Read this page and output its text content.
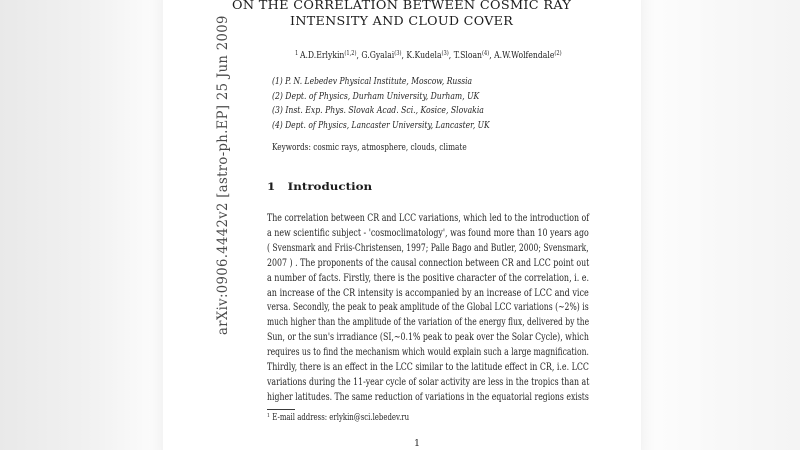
arXiv:0906.4442v2 [astro-ph.EP] 25 Jun 2009
ON THE CORRELATION BETWEEN COSMIC RAY
INTENSITY AND CLOUD COVER
$^1$ A.D.Erlykin$^{(1,2)}$, G.Gyalai$^{(3)}$, K.Kudela$^{(3)}$, T.Sloan$^{(4)}$, A.W.Wolfendale$^{(2)}$
(1) P. N. Lebedev Physical Institute, Moscow, Russia
(2) Dept. of Physics, Durham University, Durham, UK
(3) Inst. Exp. Phys. Slovak Acad. Sci., Kosice, Slovakia
(4) Dept. of Physics, Lancaster University, Lancaster, UK
Keywords: cosmic rays, atmosphere, clouds, climate
1 Introduction
The correlation between CR and LCC variations, which led to the introduction of
a new scientific subject - 'cosmoclimatology', was found more than 10 years ago
( Svensmark and Friis-Christensen, 1997; Palle Bago and Butler, 2000; Svensmark,
2007 ) . The proponents of the causal connection between CR and LCC point out
a number of facts. Firstly, there is the positive character of the correlation, i. e.
an increase of the CR intensity is accompanied by an increase of LCC and vice
versa. Secondly, the peak to peak amplitude of the Global LCC variations (∼2%) is
much higher than the amplitude of the variation of the energy flux, delivered by the
Sun, or the sun's irradiance (SI,∼0.1% peak to peak over the Solar Cycle), which
requires us to find the mechanism which would explain such a large magnification.
Thirdly, there is an effect in the LCC similar to the latitude effect in CR, i.e. LCC
variations during the 11-year cycle of solar activity are less in the tropics than at
higher latitudes. The same reduction of variations in the equatorial regions exists
$^1$ E-mail address: erlykin@sci.lebedev.ru
1
